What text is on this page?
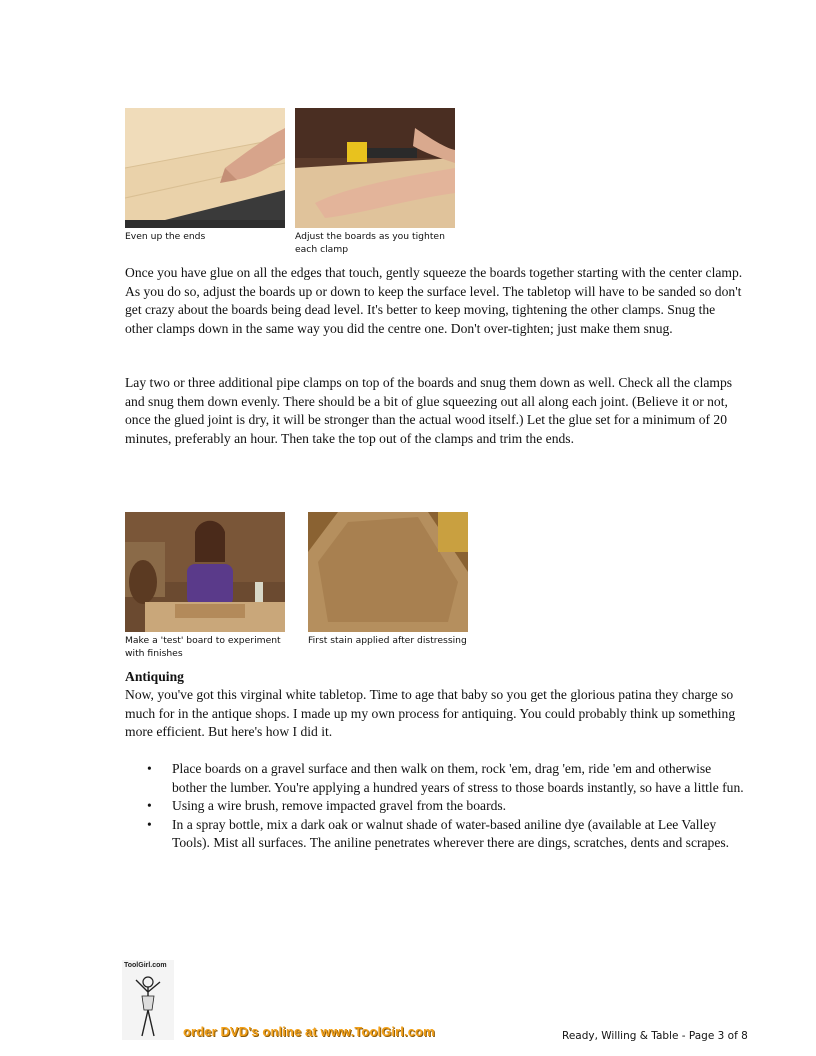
Even up the ends	Adjust the boards as you tighten each clamp

Once you have glue on all the edges that touch, gently squeeze the boards together starting with the center clamp. As you do so, adjust the boards up or down to keep the surface level. The tabletop will have to be sanded so don't get crazy about the boards being dead level. It's better to keep moving, tightening the other clamps. Snug the other clamps down in the same way you did the centre one. Don't over-tighten; just make them snug.

Lay two or three additional pipe clamps on top of the boards and snug them down as well. Check all the clamps and snug them down evenly. There should be a bit of glue squeezing out all along each joint. (Believe it or not, once the glued joint is dry, it will be stronger than the actual wood itself.) Let the glue set for a minimum of 20 minutes, preferably an hour. Then take the top out of the clamps and trim the ends.

Make a 'test' board to experiment with finishes
First stain applied after distressing
Antiquing

Now, you've got this virginal white tabletop. Time to age that baby so you get the glorious patina they charge so much for in the antique shops. I made up my own process for antiquing. You could probably think up something more efficient. But here's how I did it.

• Place boards on a gravel surface and then walk on them, rock 'em, drag 'em, ride 'em and otherwise bother the lumber. You're applying a hundred years of stress to those boards instantly, so have a little fun.
• Using a wire brush, remove impacted gravel from the boards.
• In a spray bottle, mix a dark oak or walnut shade of water-based aniline dye (available at Lee Valley Tools). Mist all surfaces. The aniline penetrates wherever there are dings, scratches, dents and scrapes.
ToolGirl.com
order DVD's online at www.ToolGirl.com	Ready, Willing & Table - Page 3 of 8
